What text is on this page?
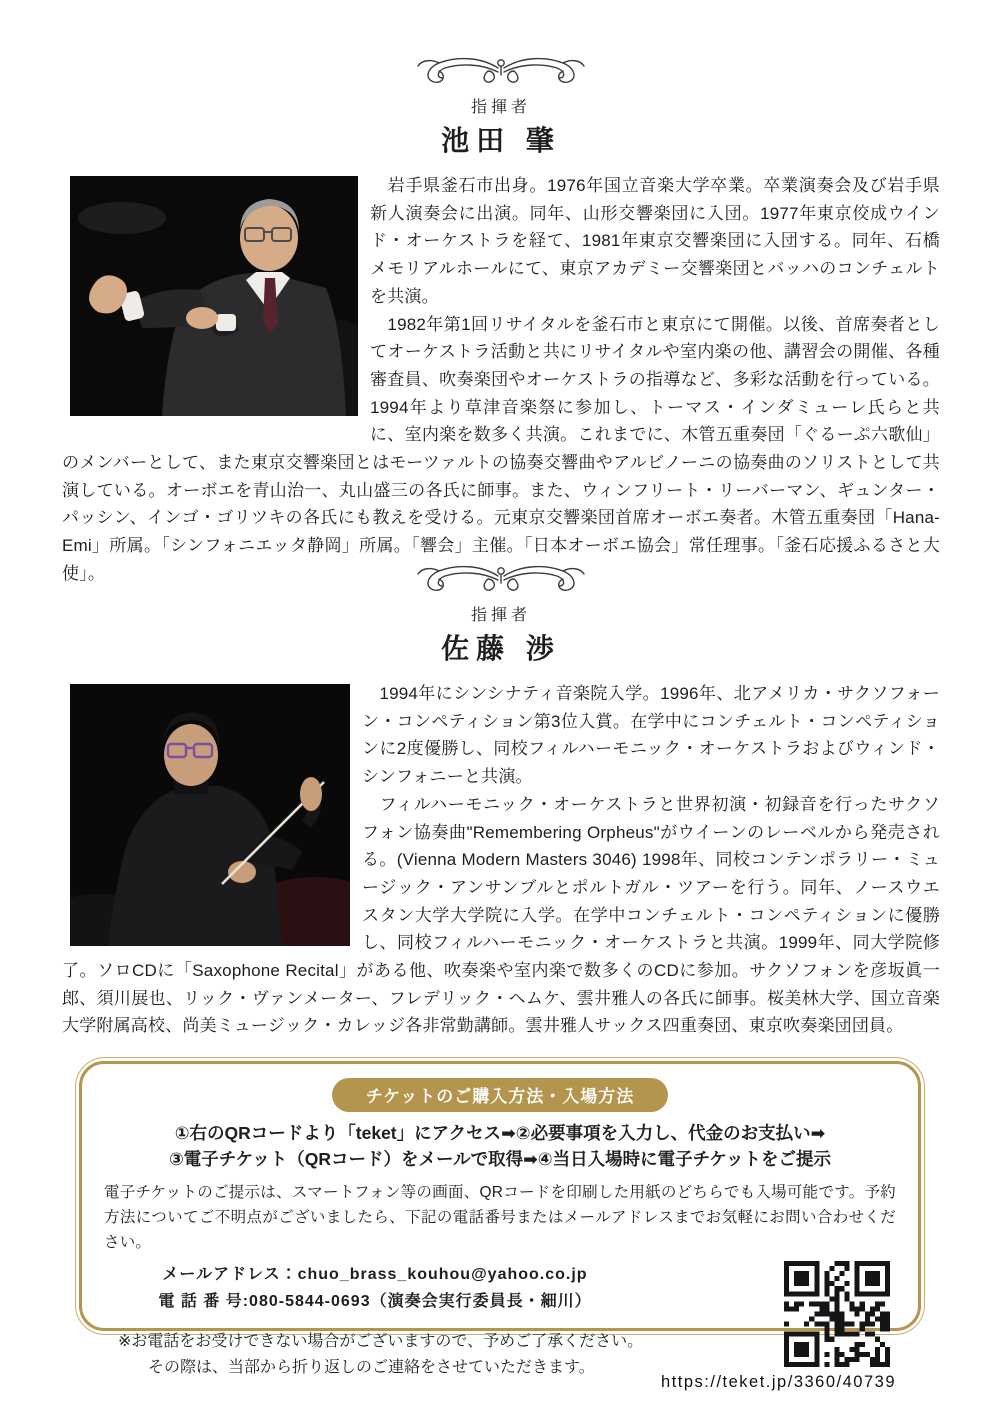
指揮者
池田 肇

　岩手県釜石市出身。1976年国立音楽大学卒業。卒業演奏会及び岩手県新人演奏会に出演。同年、山形交響楽団に入団。1977年東京佼成ウインド・オーケストラを経て、1981年東京交響楽団に入団する。同年、石橋メモリアルホールにて、東京アカデミー交響楽団とバッハのコンチェルトを共演。

　1982年第1回リサイタルを釜石市と東京にて開催。以後、首席奏者としてオーケストラ活動と共にリサイタルや室内楽の他、講習会の開催、各種審査員、吹奏楽団やオーケストラの指導など、多彩な活動を行っている。1994年より草津音楽祭に参加し、トーマス・インダミューレ氏らと共に、室内楽を数多く共演。これまでに、木管五重奏団「ぐるーぷ六歌仙」のメンバーとして、また東京交響楽団とはモーツァルトの協奏交響曲やアルビノーニの協奏曲のソリストとして共演している。オーボエを青山治一、丸山盛三の各氏に師事。また、ウィンフリート・リーバーマン、ギュンター・パッシン、インゴ・ゴリツキの各氏にも教えを受ける。元東京交響楽団首席オーボエ奏者。木管五重奏団「Hana-Emi」所属。「シンフォニエッタ静岡」所属。「響会」主催。「日本オーボエ協会」常任理事。「釜石応援ふるさと大使」。

指揮者
佐藤 渉

　1994年にシンシナティ音楽院入学。1996年、北アメリカ・サクソフォーン・コンペティション第3位入賞。在学中にコンチェルト・コンペティションに2度優勝し、同校フィルハーモニック・オーケストラおよびウィンド・シンフォニーと共演。

　フィルハーモニック・オーケストラと世界初演・初録音を行ったサクソフォン協奏曲"Remembering Orpheus"がウイーンのレーベルから発売される。(Vienna Modern Masters 3046) 1998年、同校コンテンポラリー・ミュージック・アンサンブルとポルトガル・ツアーを行う。同年、ノースウエスタン大学大学院に入学。在学中コンチェルト・コンペティションに優勝し、同校フィルハーモニック・オーケストラと共演。1999年、同大学院修了。ソロCDに「Saxophone Recital」がある他、吹奏楽や室内楽で数多くのCDに参加。サクソフォンを彦坂眞一郎、須川展也、リック・ヴァンメーター、フレデリック・ヘムケ、雲井雅人の各氏に師事。桜美林大学、国立音楽大学附属高校、尚美ミュージック・カレッジ各非常勤講師。雲井雅人サックス四重奏団、東京吹奏楽団団員。

チケットのご購入方法・入場方法
①右のQRコードより「teket」にアクセス➡②必要事項を入力し、代金のお支払い➡
③電子チケット（QRコード）をメールで取得➡④当日入場時に電子チケットをご提示
電子チケットのご提示は、スマートフォン等の画面、QRコードを印刷した用紙のどちらでも入場可能です。予約方法についてご不明点がございましたら、下記の電話番号またはメールアドレスまでお気軽にお問い合わせください。
メールアドレス：chuo_brass_kouhou@yahoo.co.jp
電 話 番 号:080-5844-0693（演奏会実行委員長・細川）
※お電話をお受けできない場合がございますので、予めご了承ください。
その際は、当部から折り返しのご連絡をさせていただきます。
https://teket.jp/3360/40739
